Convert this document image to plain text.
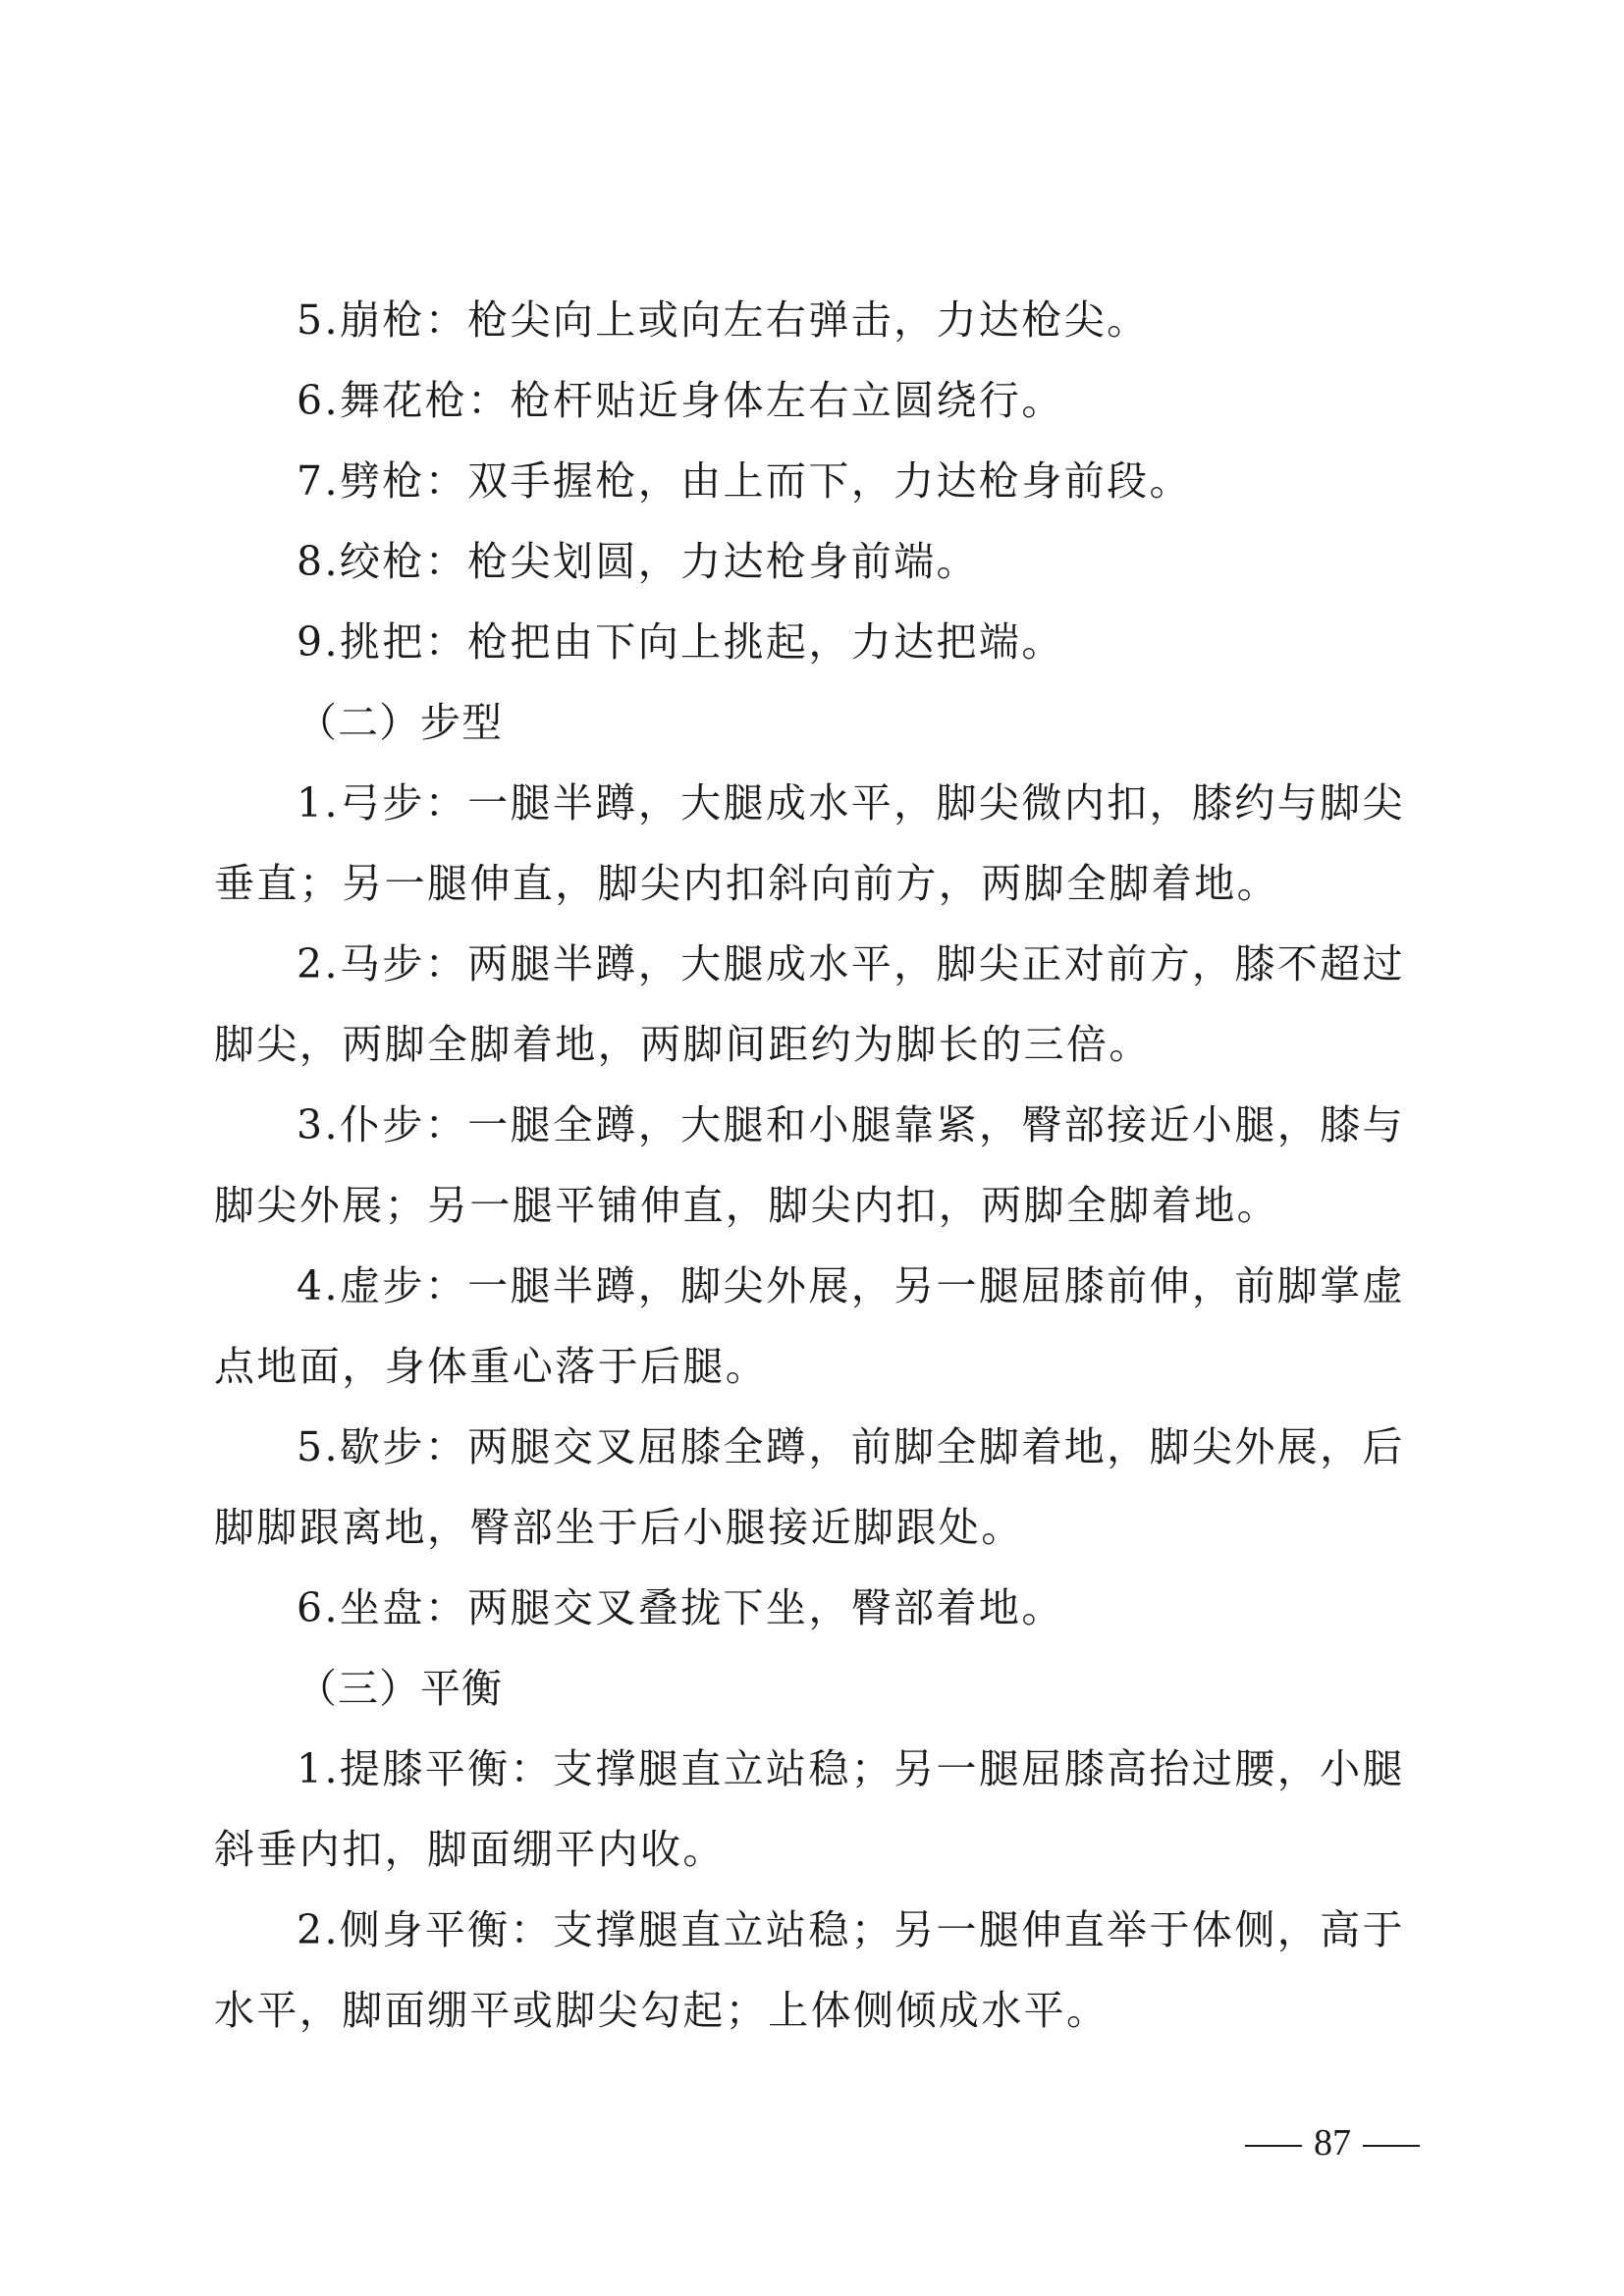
5.崩枪：枪尖向上或向左右弹击，力达枪尖。
6.舞花枪：枪杆贴近身体左右立圆绕行。
7.劈枪：双手握枪，由上而下，力达枪身前段。
8.绞枪：枪尖划圆，力达枪身前端。
9.挑把：枪把由下向上挑起，力达把端。
（二）步型
1.弓步：一腿半蹲，大腿成水平，脚尖微内扣，膝约与脚尖
垂直；另一腿伸直，脚尖内扣斜向前方，两脚全脚着地。
2.马步：两腿半蹲，大腿成水平，脚尖正对前方，膝不超过
脚尖，两脚全脚着地，两脚间距约为脚长的三倍。
3.仆步：一腿全蹲，大腿和小腿靠紧，臀部接近小腿，膝与
脚尖外展；另一腿平铺伸直，脚尖内扣，两脚全脚着地。
4.虚步：一腿半蹲，脚尖外展，另一腿屈膝前伸，前脚掌虚
点地面，身体重心落于后腿。
5.歇步：两腿交叉屈膝全蹲，前脚全脚着地，脚尖外展，后
脚脚跟离地，臀部坐于后小腿接近脚跟处。
6.坐盘：两腿交叉叠拢下坐，臀部着地。
（三）平衡
1.提膝平衡：支撑腿直立站稳；另一腿屈膝高抬过腰，小腿
斜垂内扣，脚面绷平内收。
2.侧身平衡：支撑腿直立站稳；另一腿伸直举于体侧，高于
水平，脚面绷平或脚尖勾起；上体侧倾成水平。
87
